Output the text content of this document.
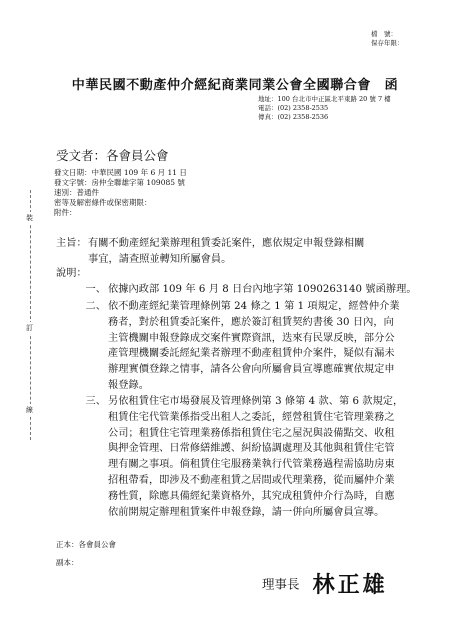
檔　號：
保存年限：
中華民國不動產仲介經紀商業同業公會全國聯合會　函
地址：100 台北市中正區北平東路 20 號 7 樓
電話：(02) 2358-2535
傳真：(02) 2358-2536
受文者：各會員公會
發文日期：中華民國 109 年 6 月 11 日
發文字號：房仲全聯雄字第 109085 號
速別：普通件
密等及解密條件或保密期限：
附件：
裝
訂
線
主旨： 有關不動產經紀業辦理租賃委託案件，應依規定申報登錄相關
事宜，請查照並轉知所屬會員。
說明：
一、 依據內政部 109 年 6 月 8 日台內地字第 1090263140 號函辦理。
二、 依不動產經紀業管理條例第 24 條之 1 第 1 項規定，經營仲介業
務者，對於租賃委託案件，應於簽訂租賃契約書後 30 日內，向
主管機關申報登錄成交案件實際資訊，迭來有民眾反映，部分公
產管理機關委託經紀業者辦理不動產租賃仲介案件，疑似有漏未
辦理實價登錄之情事，請各公會向所屬會員宣導應確實依規定申
報登錄。
三、 另依租賃住宅市場發展及管理條例第 3 條第 4 款、第 6 款規定，
租賃住宅代管業係指受出租人之委託，經營租賃住宅管理業務之
公司；租賃住宅管理業務係指租賃住宅之屋況與設備點交、收租
與押金管理、日常修繕維護、糾紛協調處理及其他與租賃住宅管
理有關之事項。倘租賃住宅服務業執行代管業務過程需協助房東
招租帶看，即涉及不動產租賃之居間或代理業務，從而屬仲介業
務性質，除應具備經紀業資格外，其究成租賃仲介行為時，自應
依前開規定辦理租賃案件申報登錄，請一併向所屬會員宣導。
正本：各會員公會
副本：
理事長 林正雄
